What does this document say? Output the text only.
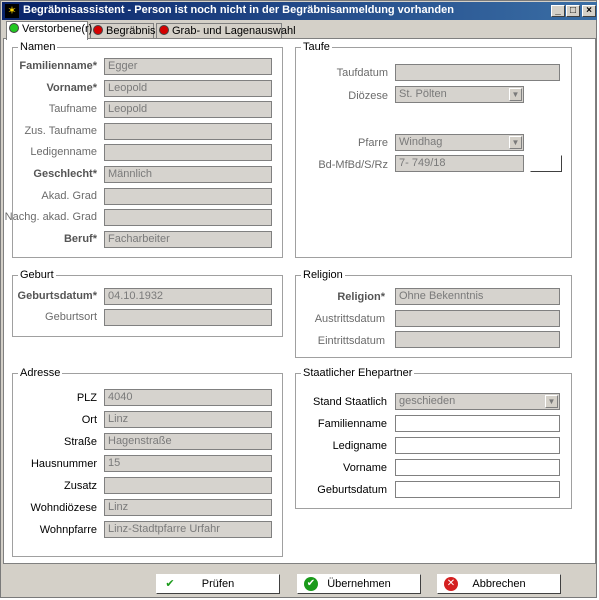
✶ Begräbnisassistent - Person ist noch nicht in der Begräbnisanmeldung vorhanden	_ □	×
Verstorbene(r)	Begräbnis	Grab- und Lagenauswahl
Namen
Familienname*	Egger
Vorname*	Leopold
Taufname	Leopold
Zus. Taufname
Ledigenname
Geschlecht*	Männlich
Akad. Grad
Nachg. akad. Grad
Beruf*	Facharbeiter
Taufe
Taufdatum
Diözese	St. Pölten	▼
Pfarre	Windhag	▼
Bd-MfBd/S/Rz	7- 749/18
Geburt
Geburtsdatum*	04.10.1932
Geburtsort
Religion
Religion*	Ohne Bekenntnis
Austrittsdatum
Eintrittsdatum
Adresse
PLZ	4040
Ort	Linz
Straße	Hagenstraße
Hausnummer	15
Zusatz
Wohndiözese	Linz
Wohnpfarre	Linz-Stadtpfarre Urfahr
Staatlicher Ehepartner
Stand Staatlich	geschieden	▼
Familienname
Ledigname
Vorname
Geburtsdatum
✔ Prüfen	✔ Übernehmen	✕ Abbrechen
